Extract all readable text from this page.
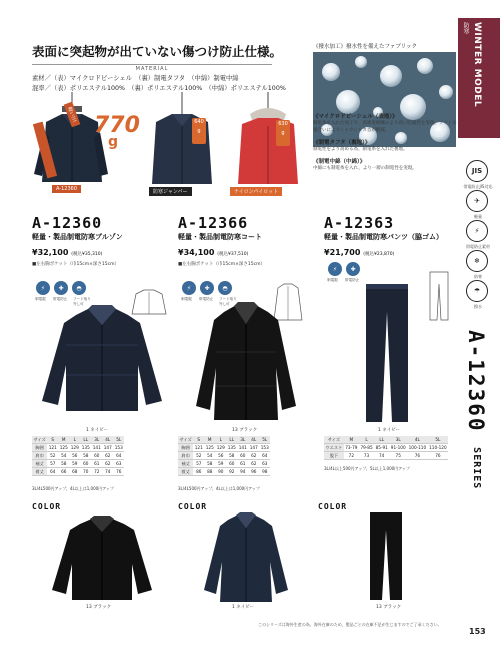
WINTER MODEL
防寒
JIS
帯電防止JIS対応
✈
軽量
⚡
帯電防止素材
❄
防寒
☂
撥水
A-12360 SERIES
表面に突起物が出ていない傷つけ防止仕様。
MATERIAL
素材／（表）マイクロドビーシェル　（裏）制電タフタ　（中綿）制電中綿
混率／（表）ポリエステル100%　（裏）ポリエステル100%　（中綿）ポリエステル100%
《撥水加工》撥水性を備えたファブリック
《マイクロドビーシェル（表地）》
制電糸を入れた加工で、高密度組織のより高い防風性を実現。ソフトな風合いによりシャカシャカ音が軽減。
《制電タフタ（裏地）》
制電性をより高める為、制電糸を入れた裏地。
《制電中綿（中綿）》
中綿にも制電糸を入れ、より一層の制電性を実現。
軽い!!! 770
g
A-12360
640
g
防寒ジャンパー
630
g
ナイロンパイロット
A-12360
軽量・製品制電防寒ブルゾン
¥32,100 (税込¥35,310)
■左右胸ポケット（巾15cm×深さ15cm）
⚡	✚	◓
制電服 帯電防止 フード取り外し可
1 ネイビー
サイズ	S	M	L	LL	3L	4L	5L
胸囲	121	125	129	135	141	147	153
肩巾	52	54	56	58	60	62	64
袖丈	57	58	59	60	61	62	63
着丈	64	66	68	70	72	74	76
3L/4L500円アップ、4L以上は1,000円アップ
A-12366
軽量・製品制電防寒コート
¥34,100 (税込¥37,510)
■左右胸ポケット（巾15cm×深さ15cm）
⚡	✚	◓
制電服 帯電防止 フード取り外し可
13 ブラック
サイズ	S	M	L	LL	3L	4L	5L
胸囲	121	125	129	135	141	147	153
肩巾	52	54	56	58	60	62	64
袖丈	57	58	59	60	61	62	63
着丈	86	88	90	92	94	96	98
3L/4L500円アップ、4L以上は1,000円アップ
A-12363
軽量・製品制電防寒パンツ（脇ゴム）
¥21,700 (税込¥23,870)
⚡	✚
制電服 帯電防止
1 ネイビー
サイズ	M	L	LL	3L	4L	5L
ウエスト	73-79	79-85	85-91	91-100	100-110	110-120
股下	72	73	74	75	76	76
3L/4L以上500円アップ、5L以上1,000円アップ
COLOR	COLOR	COLOR
13 ブラック	1 ネイビー	13 ブラック
このシリーズは海外生産の為、海外在庫のため、製品ごとの在庫不足が生じますのでご了承ください。
153
